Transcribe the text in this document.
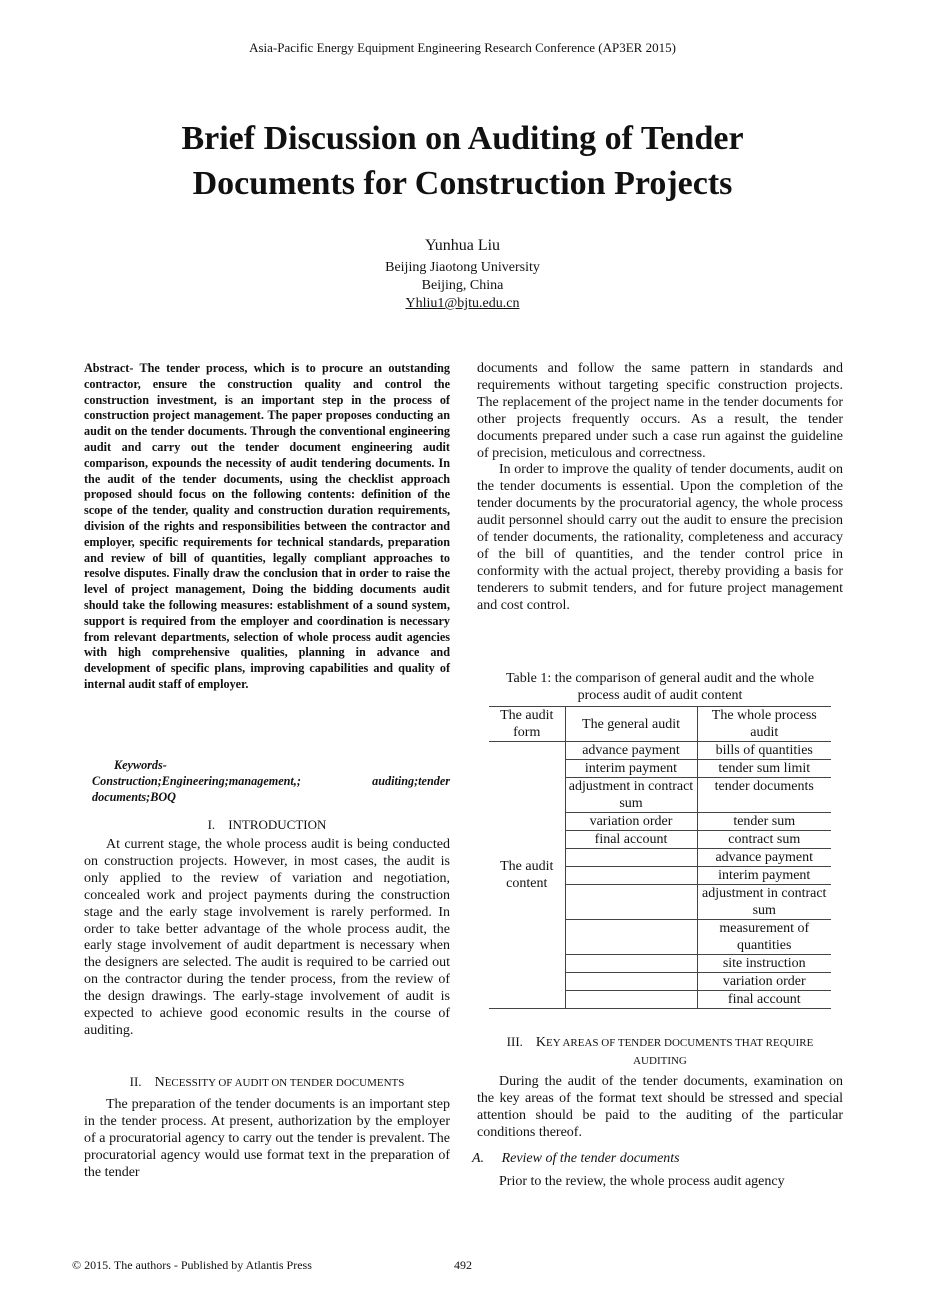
Asia-Pacific Energy Equipment Engineering Research Conference (AP3ER 2015)
Brief Discussion on Auditing of Tender
Documents for Construction Projects
Yunhua Liu
Beijing Jiaotong University
Beijing, China
Yhliu1@bjtu.edu.cn
Abstract- The tender process, which is to procure an outstanding contractor, ensure the construction quality and control the construction investment, is an important step in the process of construction project management. The paper proposes conducting an audit on the tender documents. Through the conventional engineering audit and carry out the tender document engineering audit comparison, expounds the necessity of audit tendering documents. In the audit of the tender documents, using the checklist approach proposed should focus on the following contents: definition of the scope of the tender, quality and construction duration requirements, division of the rights and responsibilities between the contractor and employer, specific requirements for technical standards, preparation and review of bill of quantities, legally compliant approaches to resolve disputes. Finally draw the conclusion that in order to raise the level of project management, Doing the bidding documents audit should take the following measures: establishment of a sound system, support is required from the employer and coordination is necessary from relevant departments, selection of whole process audit agencies with high comprehensive qualities, planning in advance and development of specific plans, improving capabilities and quality of internal audit staff of employer.
Keywords-
Construction;Engineering;management,; auditing;tender documents;BOQ
I. INTRODUCTION

At current stage, the whole process audit is being conducted on construction projects. However, in most cases, the audit is only applied to the review of variation and negotiation, concealed work and project payments during the construction stage and the early stage involvement is rarely performed. In order to take better advantage of the whole process audit, the early stage involvement of audit department is necessary when the designers are selected. The audit is required to be carried out on the contractor during the tender process, from the review of the design drawings. The early-stage involvement of audit is expected to achieve good economic results in the course of auditing.

II. NECESSITY OF AUDIT ON TENDER DOCUMENTS

The preparation of the tender documents is an important step in the tender process. At present, authorization by the employer of a procuratorial agency to carry out the tender is prevalent. The procuratorial agency would use format text in the preparation of the tender

documents and follow the same pattern in standards and requirements without targeting specific construction projects. The replacement of the project name in the tender documents for other projects frequently occurs. As a result, the tender documents prepared under such a case run against the guideline of precision, meticulous and correctness.

In order to improve the quality of tender documents, audit on the tender documents is essential. Upon the completion of the tender documents by the procuratorial agency, the whole process audit personnel should carry out the audit to ensure the precision of tender documents, the rationality, completeness and accuracy of the bill of quantities, and the tender control price in conformity with the actual project, thereby providing a basis for tenderers to submit tenders, and for future project management and cost control.

Table 1: the comparison of general audit and the whole
process audit of audit content
The audit form	The general audit	The whole process audit
The audit content	advance payment	bills of quantities
	interim payment	tender sum limit
	adjustment in contract sum	tender documents
	variation order	tender sum
	final account	contract sum
		advance payment
		interim payment
		adjustment in contract sum
		measurement of quantities
		site instruction
		variation order
		final account
III. KEY AREAS OF TENDER DOCUMENTS THAT REQUIRE
AUDITING

During the audit of the tender documents, examination on the key areas of the format text should be stressed and special attention should be paid to the auditing of the particular conditions thereof.

A. Review of the tender documents

Prior to the review, the whole process audit agency

© 2015. The authors - Published by Atlantis Press	492
